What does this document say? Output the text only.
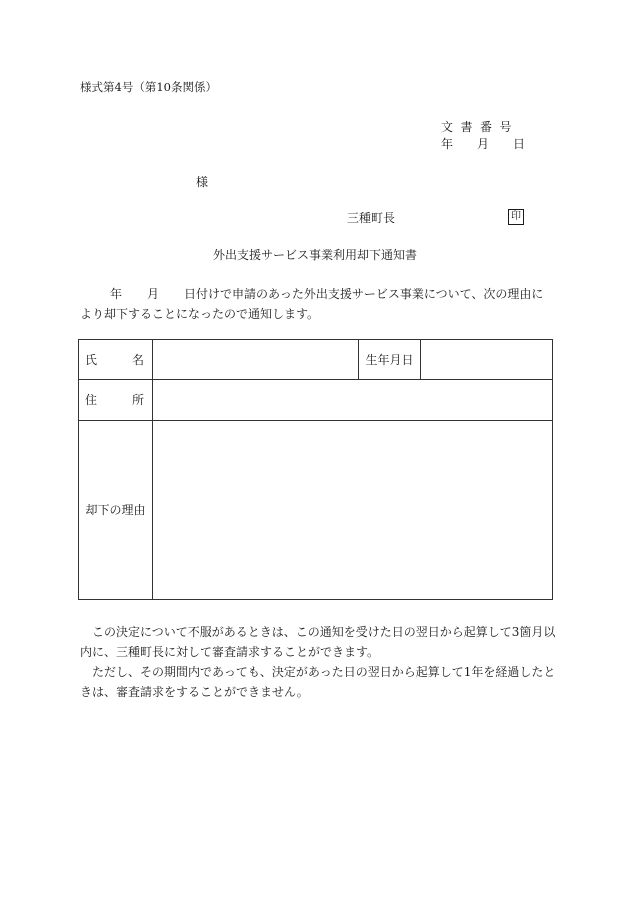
様式第4号（第10条関係）
文書番号
年	月	日
様
三種町長	印
外出支援サービス事業利用却下通知書
年 月 日付けで申請のあった外出支援サービス事業について、次の理由により却下することになったので通知します。
氏 名		生年月日	

住 所			

却下の理由			

この決定について不服があるときは、この通知を受けた日の翌日から起算して3箇月以内に、三種町長に対して審査請求することができます。

ただし、その期間内であっても、決定があった日の翌日から起算して1年を経過したときは、審査請求をすることができません。
